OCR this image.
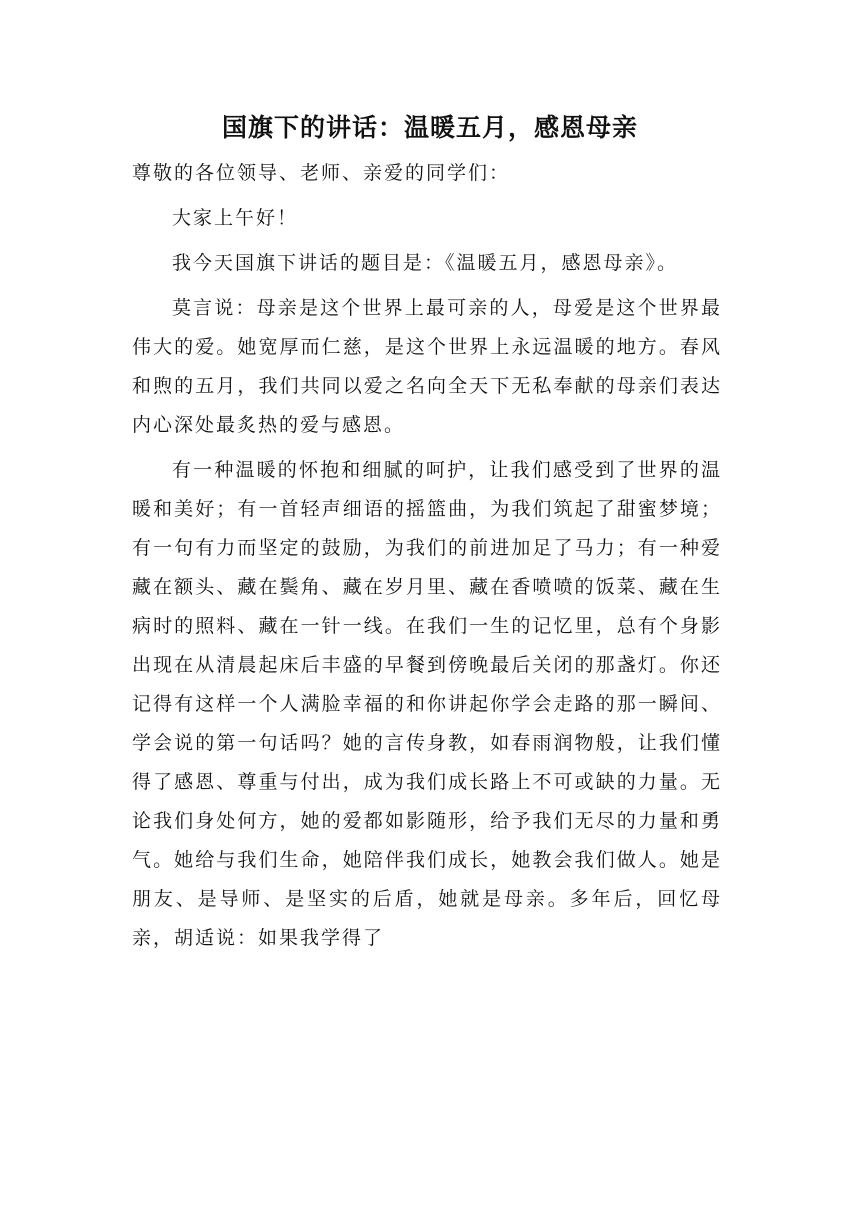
国旗下的讲话：温暖五月，感恩母亲

尊敬的各位领导、老师、亲爱的同学们：

大家上午好！

我今天国旗下讲话的题目是：《温暖五月，感恩母亲》。

莫言说：母亲是这个世界上最可亲的人，母爱是这个世界最伟大的爱。她宽厚而仁慈，是这个世界上永远温暖的地方。春风和煦的五月，我们共同以爱之名向全天下无私奉献的母亲们表达内心深处最炙热的爱与感恩。

有一种温暖的怀抱和细腻的呵护，让我们感受到了世界的温暖和美好；有一首轻声细语的摇篮曲，为我们筑起了甜蜜梦境；有一句有力而坚定的鼓励，为我们的前进加足了马力；有一种爱藏在额头、藏在鬓角、藏在岁月里、藏在香喷喷的饭菜、藏在生病时的照料、藏在一针一线。在我们一生的记忆里，总有个身影出现在从清晨起床后丰盛的早餐到傍晚最后关闭的那盏灯。你还记得有这样一个人满脸幸福的和你讲起你学会走路的那一瞬间、学会说的第一句话吗？她的言传身教，如春雨润物般，让我们懂得了感恩、尊重与付出，成为我们成长路上不可或缺的力量。无论我们身处何方，她的爱都如影随形，给予我们无尽的力量和勇气。她给与我们生命，她陪伴我们成长，她教会我们做人。她是朋友、是导师、是坚实的后盾，她就是母亲。多年后，回忆母亲，胡适说：如果我学得了
